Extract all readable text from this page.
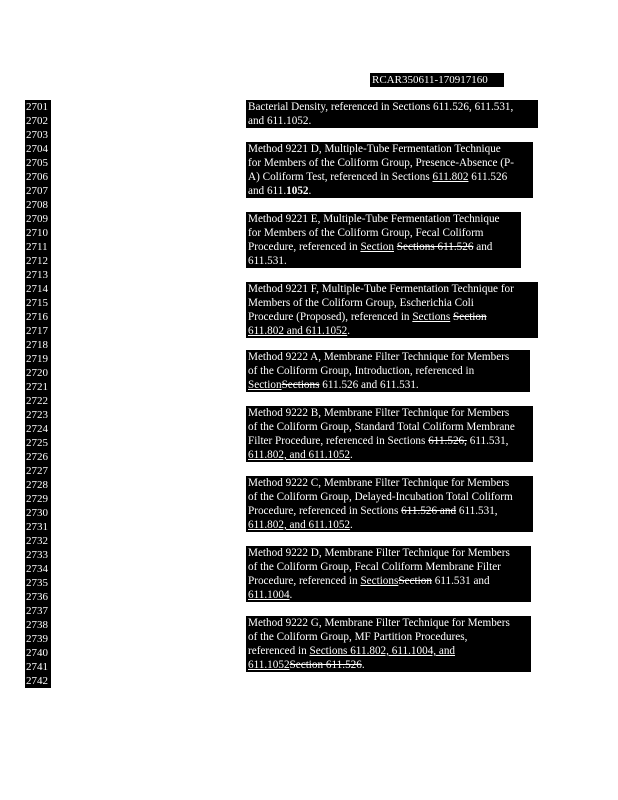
RCAR350611-170917160
2701
2702
2703
2704
2705
2706
2707
2708
2709
2710
2711
2712
2713
2714
2715
2716
2717
2718
2719
2720
2721
2722
2723
2724
2725
2726
2727
2728
2729
2730
2731
2732
2733
2734
2735
2736
2737
2738
2739
2740
2741
2742
Bacterial Density, referenced in Sections 611.526, 611.531,
and 611.1052.
Method 9221 D, Multiple-Tube Fermentation Technique
for Members of the Coliform Group, Presence-Absence (P-
A) Coliform Test, referenced in Sections 611.802 611.526
and 611.1052.
Method 9221 E, Multiple-Tube Fermentation Technique
for Members of the Coliform Group, Fecal Coliform
Procedure, referenced in Section Sections 611.526 and
611.531.
Method 9221 F, Multiple-Tube Fermentation Technique for
Members of the Coliform Group, Escherichia Coli
Procedure (Proposed), referenced in Sections Section
611.802 and 611.1052.
Method 9222 A, Membrane Filter Technique for Members
of the Coliform Group, Introduction, referenced in
SectionSections 611.526 and 611.531.
Method 9222 B, Membrane Filter Technique for Members
of the Coliform Group, Standard Total Coliform Membrane
Filter Procedure, referenced in Sections 611.526, 611.531,
611.802, and 611.1052.
Method 9222 C, Membrane Filter Technique for Members
of the Coliform Group, Delayed-Incubation Total Coliform
Procedure, referenced in Sections 611.526 and 611.531,
611.802, and 611.1052.
Method 9222 D, Membrane Filter Technique for Members
of the Coliform Group, Fecal Coliform Membrane Filter
Procedure, referenced in SectionsSection 611.531 and
611.1004.
Method 9222 G, Membrane Filter Technique for Members
of the Coliform Group, MF Partition Procedures,
referenced in Sections 611.802, 611.1004, and
611.1052Section 611.526.
